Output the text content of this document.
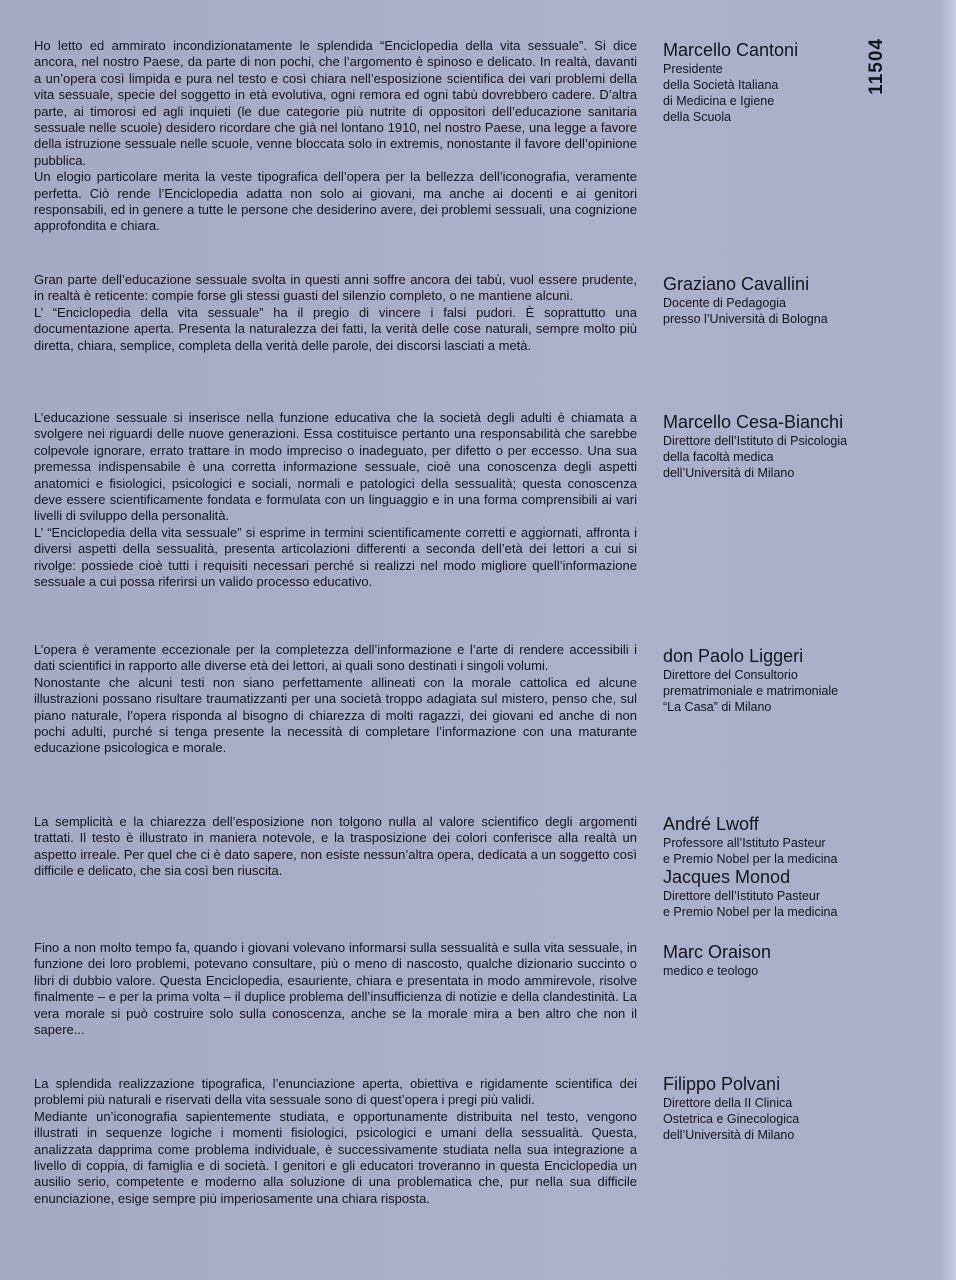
11504

Ho letto ed ammirato incondizionatamente le splendida “Enciclopedia della vita sessuale”. Si dice ancora, nel nostro Paese, da parte di non pochi, che l’argomento è spinoso e delicato. In realtà, davanti a un’opera così limpida e pura nel testo e così chiara nell’esposizione scientifica dei vari problemi della vita sessuale, specie del soggetto in età evolutiva, ogni remora ed ogni tabù dovrebbero cadere. D’altra parte, ai timorosi ed agli inquieti (le due categorie più nutrite di oppositori dell’educazione sanitaria sessuale nelle scuole) desidero ricordare che già nel lontano 1910, nel nostro Paese, una legge a favore della istruzione sessuale nelle scuole, venne bloccata solo in extremis, nonostante il favore dell’opinione pubblica.

Un elogio particolare merita la veste tipografica dell’opera per la bellezza dell’iconografia, veramente perfetta. Ciò rende l’Enciclopedia adatta non solo ai giovani, ma anche ai docenti e ai genitori responsabili, ed in genere a tutte le persone che desiderino avere, dei problemi sessuali, una cognizione approfondita e chiara.

Marcello Cantoni

Presidente

della Società Italiana

di Medicina e Igiene

della Scuola

Gran parte dell’educazione sessuale svolta in questi anni soffre ancora dei tabù, vuol essere prudente, in realtà è reticente: compie forse gli stessi guasti del silenzio completo, o ne mantiene alcuni.

L’ “Enciclopedia della vita sessuale” ha il pregio di vincere i falsi pudori. È soprattutto una documentazione aperta. Presenta la naturalezza dei fatti, la verità delle cose naturali, sempre molto più diretta, chiara, semplice, completa della verità delle parole, dei discorsi lasciati a metà.

Graziano Cavallini

Docente di Pedagogia

presso l’Università di Bologna

L’educazione sessuale si inserisce nella funzione educativa che la società degli adulti è chiamata a svolgere nei riguardi delle nuove generazioni. Essa costituisce pertanto una responsabilità che sarebbe colpevole ignorare, errato trattare in modo impreciso o inadeguato, per difetto o per eccesso. Una sua premessa indispensabile è una corretta informazione sessuale, cioè una conoscenza degli aspetti anatomici e fisiologici, psicologici e sociali, normali e patologici della sessualità; questa conoscenza deve essere scientificamente fondata e formulata con un linguaggio e in una forma comprensibili ai vari livelli di sviluppo della personalità.

L’ “Enciclopedia della vita sessuale” si esprime in termini scientificamente corretti e aggiornati, affronta i diversi aspetti della sessualità, presenta articolazioni differenti a seconda dell’età dei lettori a cui si rivolge: possiede cioè tutti i requisiti necessari perché si realizzi nel modo migliore quell’informazione sessuale a cui possa riferirsi un valido processo educativo.

Marcello Cesa-Bianchi

Direttore dell’Istituto di Psicologia

della facoltà medica

dell’Università di Milano

L’opera è veramente eccezionale per la completezza dell’informazione e l’arte di rendere accessibili i dati scientifici in rapporto alle diverse età dei lettori, ai quali sono destinati i singoli volumi.

Nonostante che alcuni testi non siano perfettamente allineati con la morale cattolica ed alcune illustrazioni possano risultare traumatizzanti per una società troppo adagiata sul mistero, penso che, sul piano naturale, l’opera risponda al bisogno di chiarezza di molti ragazzi, dei giovani ed anche di non pochi adulti, purché si tenga presente la necessità di completare l’informazione con una maturante educazione psicologica e morale.

don Paolo Liggeri

Direttore del Consultorio

prematrimoniale e matrimoniale

“La Casa” di Milano

La semplicità e la chiarezza dell’esposizione non tolgono nulla al valore scientifico degli argomenti trattati. Il testo è illustrato in maniera notevole, e la trasposizione dei colori conferisce alla realtà un aspetto irreale. Per quel che ci è dato sapere, non esiste nessun’altra opera, dedicata a un soggetto così difficile e delicato, che sia così ben riuscita.

André Lwoff

Professore all’Istituto Pasteur

e Premio Nobel per la medicina

Jacques Monod

Direttore dell’Istituto Pasteur

e Premio Nobel per la medicina

Fino a non molto tempo fa, quando i giovani volevano informarsi sulla sessualità e sulla vita sessuale, in funzione dei loro problemi, potevano consultare, più o meno di nascosto, qualche dizionario succinto o libri di dubbio valore. Questa Enciclopedia, esauriente, chiara e presentata in modo ammirevole, risolve finalmente – e per la prima volta – il duplice problema dell’insufficienza di notizie e della clandestinità. La vera morale si può costruire solo sulla conoscenza, anche se la morale mira a ben altro che non il sapere...

Marc Oraison

medico e teologo

La splendida realizzazione tipografica, l’enunciazione aperta, obiettiva e rigidamente scientifica dei problemi più naturali e riservati della vita sessuale sono di quest’opera i pregi più validi.

Mediante un’iconografia sapientemente studiata, e opportunamente distribuita nel testo, vengono illustrati in sequenze logiche i momenti fisiologici, psicologici e umani della sessualità. Questa, analizzata dapprima come problema individuale, è successivamente studiata nella sua integrazione a livello di coppia, di famiglia e di società. I genitori e gli educatori troveranno in questa Enciclopedia un ausilio serio, competente e moderno alla soluzione di una problematica che, pur nella sua difficile enunciazione, esige sempre più imperiosamente una chiara risposta.

Filippo Polvani

Direttore della II Clinica

Ostetrica e Ginecologica

dell’Università di Milano
